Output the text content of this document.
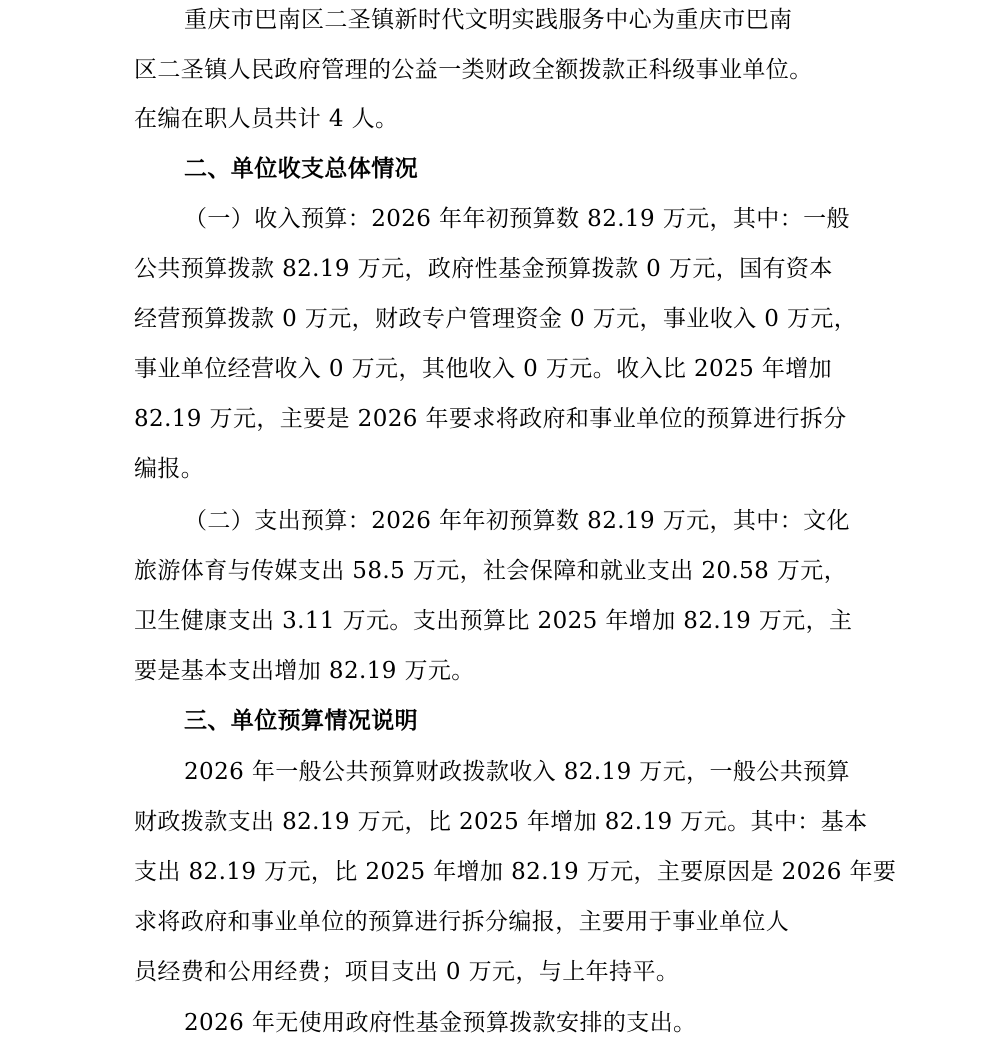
重庆市巴南区二圣镇新时代文明实践服务中心为重庆市巴南
区二圣镇人民政府管理的公益一类财政全额拨款正科级事业单位。
在编在职人员共计 4 人。
二、单位收支总体情况
（一）收入预算：2026 年年初预算数 82.19 万元，其中：一般
公共预算拨款 82.19 万元，政府性基金预算拨款 0 万元，国有资本
经营预算拨款 0 万元，财政专户管理资金 0 万元，事业收入 0 万元，
事业单位经营收入 0 万元，其他收入 0 万元。收入比 2025 年增加
82.19 万元，主要是 2026 年要求将政府和事业单位的预算进行拆分
编报。
（二）支出预算：2026 年年初预算数 82.19 万元，其中：文化
旅游体育与传媒支出 58.5 万元，社会保障和就业支出 20.58 万元，
卫生健康支出 3.11 万元。支出预算比 2025 年增加 82.19 万元，主
要是基本支出增加 82.19 万元。
三、单位预算情况说明
2026 年一般公共预算财政拨款收入 82.19 万元，一般公共预算
财政拨款支出 82.19 万元，比 2025 年增加 82.19 万元。其中：基本
支出 82.19 万元，比 2025 年增加 82.19 万元，主要原因是 2026 年要
求将政府和事业单位的预算进行拆分编报，主要用于事业单位人
员经费和公用经费；项目支出 0 万元，与上年持平。
2026 年无使用政府性基金预算拨款安排的支出。
